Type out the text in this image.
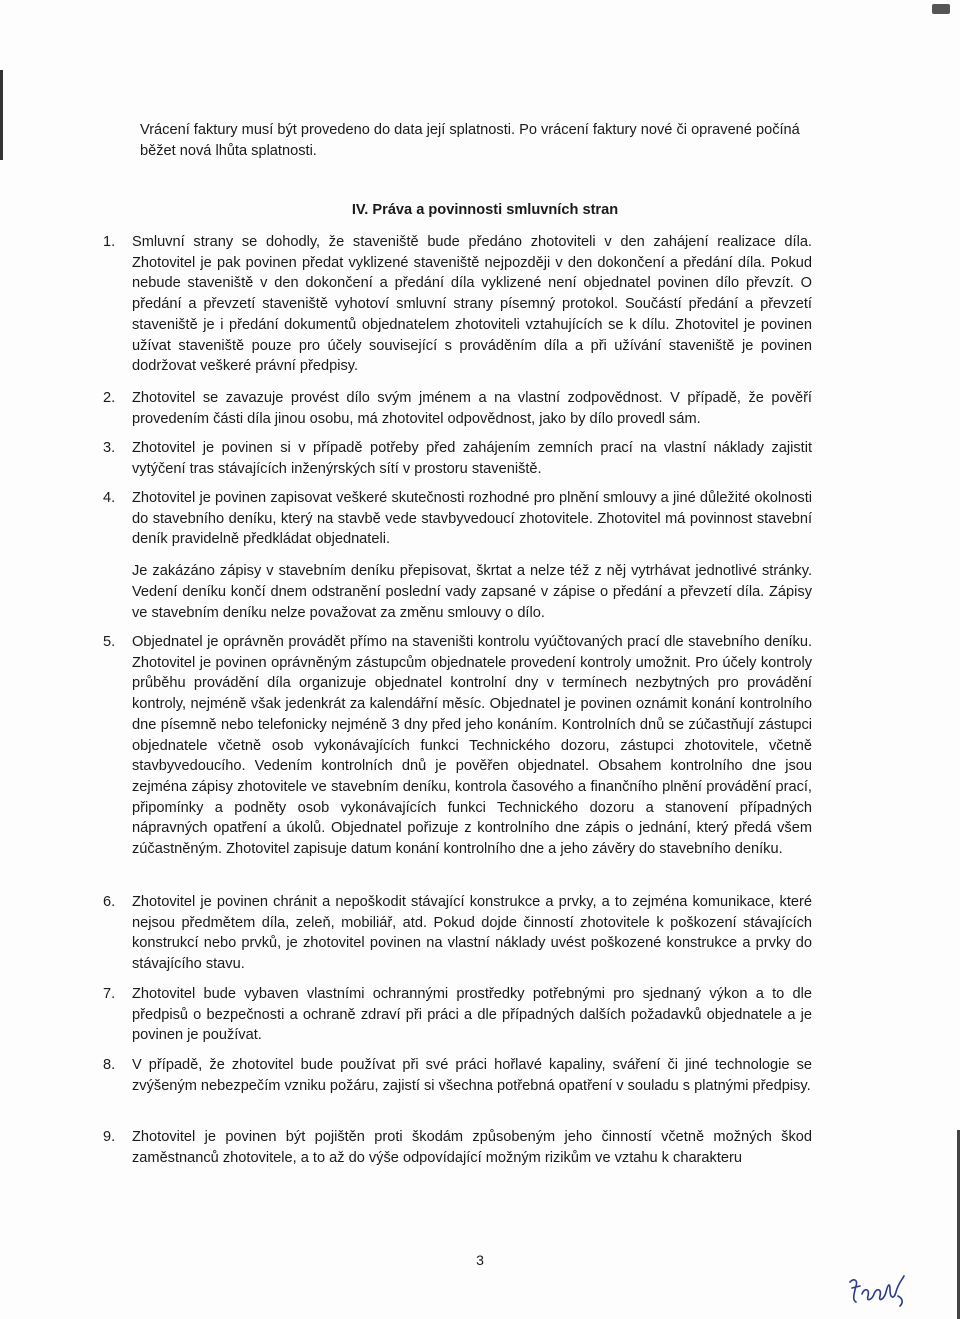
Vrácení faktury musí být provedeno do data její splatnosti. Po vrácení faktury nové či opravené počíná běžet nová lhůta splatnosti.
IV. Práva a povinnosti smluvních stran
1. Smluvní strany se dohodly, že staveniště bude předáno zhotoviteli v den zahájení realizace díla. Zhotovitel je pak povinen předat vyklizené staveniště nejpozději v den dokončení a předání díla. Pokud nebude staveniště v den dokončení a předání díla vyklizené není objednatel povinen dílo převzít. O předání a převzetí staveniště vyhotoví smluvní strany písemný protokol. Součástí předání a převzetí staveniště je i předání dokumentů objednatelem zhotoviteli vztahujících se k dílu. Zhotovitel je povinen užívat staveniště pouze pro účely související s prováděním díla a při užívání staveniště je povinen dodržovat veškeré právní předpisy.

2. Zhotovitel se zavazuje provést dílo svým jménem a na vlastní zodpovědnost. V případě, že pověří provedením části díla jinou osobu, má zhotovitel odpovědnost, jako by dílo provedl sám.

3. Zhotovitel je povinen si v případě potřeby před zahájením zemních prací na vlastní náklady zajistit vytýčení tras stávajících inženýrských sítí v prostoru staveniště.

4. Zhotovitel je povinen zapisovat veškeré skutečnosti rozhodné pro plnění smlouvy a jiné důležité okolnosti do stavebního deníku, který na stavbě vede stavbyvedoucí zhotovitele. Zhotovitel má povinnost stavební deník pravidelně předkládat objednateli.

Je zakázáno zápisy v stavebním deníku přepisovat, škrtat a nelze též z něj vytrhávat jednotlivé stránky. Vedení deníku končí dnem odstranění poslední vady zapsané v zápise o předání a převzetí díla. Zápisy ve stavebním deníku nelze považovat za změnu smlouvy o dílo.

5. Objednatel je oprávněn provádět přímo na staveništi kontrolu vyúčtovaných prací dle stavebního deníku. Zhotovitel je povinen oprávněným zástupcům objednatele provedení kontroly umožnit. Pro účely kontroly průběhu provádění díla organizuje objednatel kontrolní dny v termínech nezbytných pro provádění kontroly, nejméně však jedenkrát za kalendářní měsíc. Objednatel je povinen oznámit konání kontrolního dne písemně nebo telefonicky nejméně 3 dny před jeho konáním. Kontrolních dnů se zúčastňují zástupci objednatele včetně osob vykonávajících funkci Technického dozoru, zástupci zhotovitele, včetně stavbyvedoucího. Vedením kontrolních dnů je pověřen objednatel. Obsahem kontrolního dne jsou zejména zápisy zhotovitele ve stavebním deníku, kontrola časového a finančního plnění provádění prací, připomínky a podněty osob vykonávajících funkci Technického dozoru a stanovení případných nápravných opatření a úkolů. Objednatel pořizuje z kontrolního dne zápis o jednání, který předá všem zúčastněným. Zhotovitel zapisuje datum konání kontrolního dne a jeho závěry do stavebního deníku.

6. Zhotovitel je povinen chránit a nepoškodit stávající konstrukce a prvky, a to zejména komunikace, které nejsou předmětem díla, zeleň, mobiliář, atd. Pokud dojde činností zhotovitele k poškození stávajících konstrukcí nebo prvků, je zhotovitel povinen na vlastní náklady uvést poškozené konstrukce a prvky do stávajícího stavu.

7. Zhotovitel bude vybaven vlastními ochrannými prostředky potřebnými pro sjednaný výkon a to dle předpisů o bezpečnosti a ochraně zdraví při práci a dle případných dalších požadavků objednatele a je povinen je používat.

8. V případě, že zhotovitel bude používat při své práci hořlavé kapaliny, sváření či jiné technologie se zvýšeným nebezpečím vzniku požáru, zajistí si všechna potřebná opatření v souladu s platnými předpisy.

9. Zhotovitel je povinen být pojištěn proti škodám způsobeným jeho činností včetně možných škod zaměstnanců zhotovitele, a to až do výše odpovídající možným rizikům ve vztahu k charakteru

3
